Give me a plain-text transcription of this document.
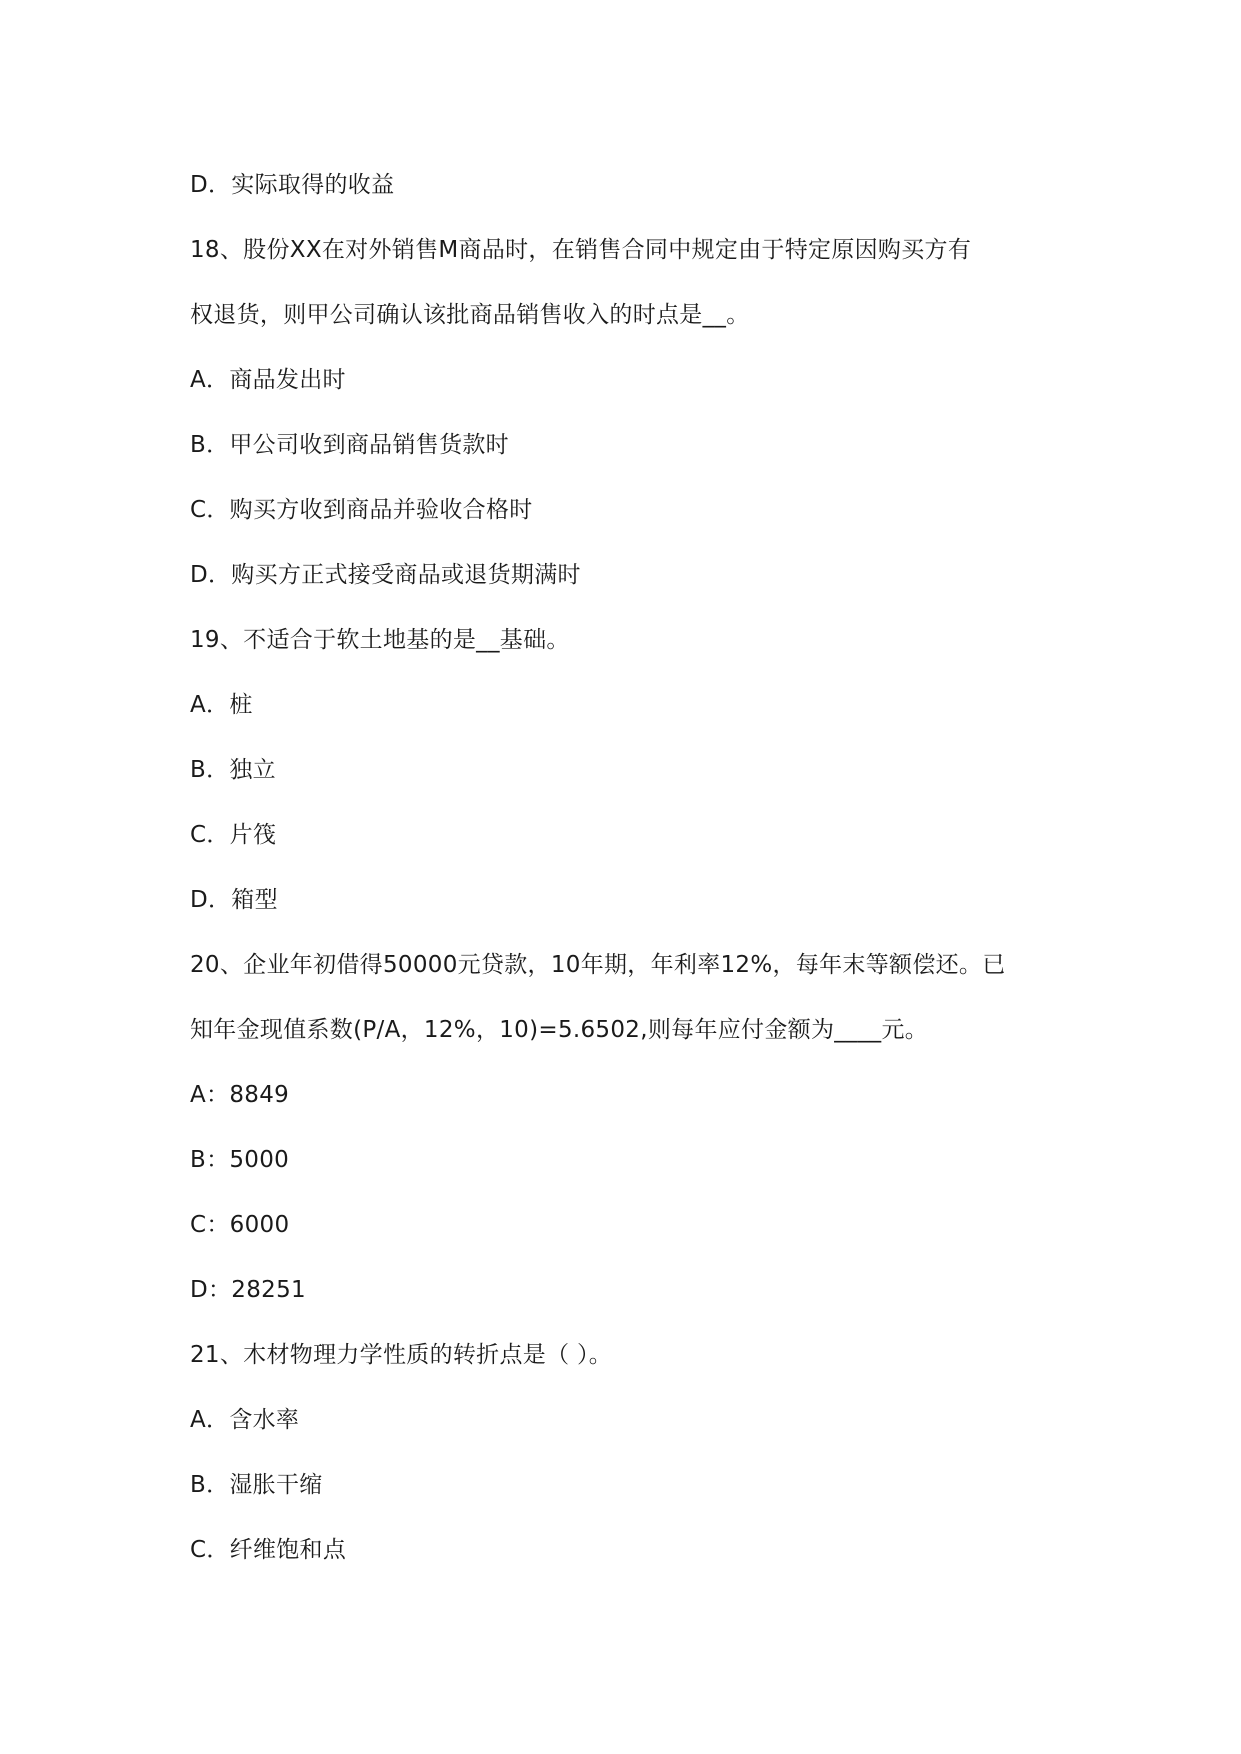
D．实际取得的收益
18、股份XX在对外销售M商品时，在销售合同中规定由于特定原因购买方有
权退货，则甲公司确认该批商品销售收入的时点是__。
A．商品发出时
B．甲公司收到商品销售货款时
C．购买方收到商品并验收合格时
D．购买方正式接受商品或退货期满时
19、不适合于软土地基的是__基础。
A．桩
B．独立
C．片筏
D．箱型
20、企业年初借得50000元贷款，10年期，年利率12%，每年末等额偿还。已
知年金现值系数(P/A，12%，10)=5.6502,则每年应付金额为____元。
A：8849
B：5000
C：6000
D：28251
21、木材物理力学性质的转折点是（ ）。
A．含水率
B．湿胀干缩
C．纤维饱和点
